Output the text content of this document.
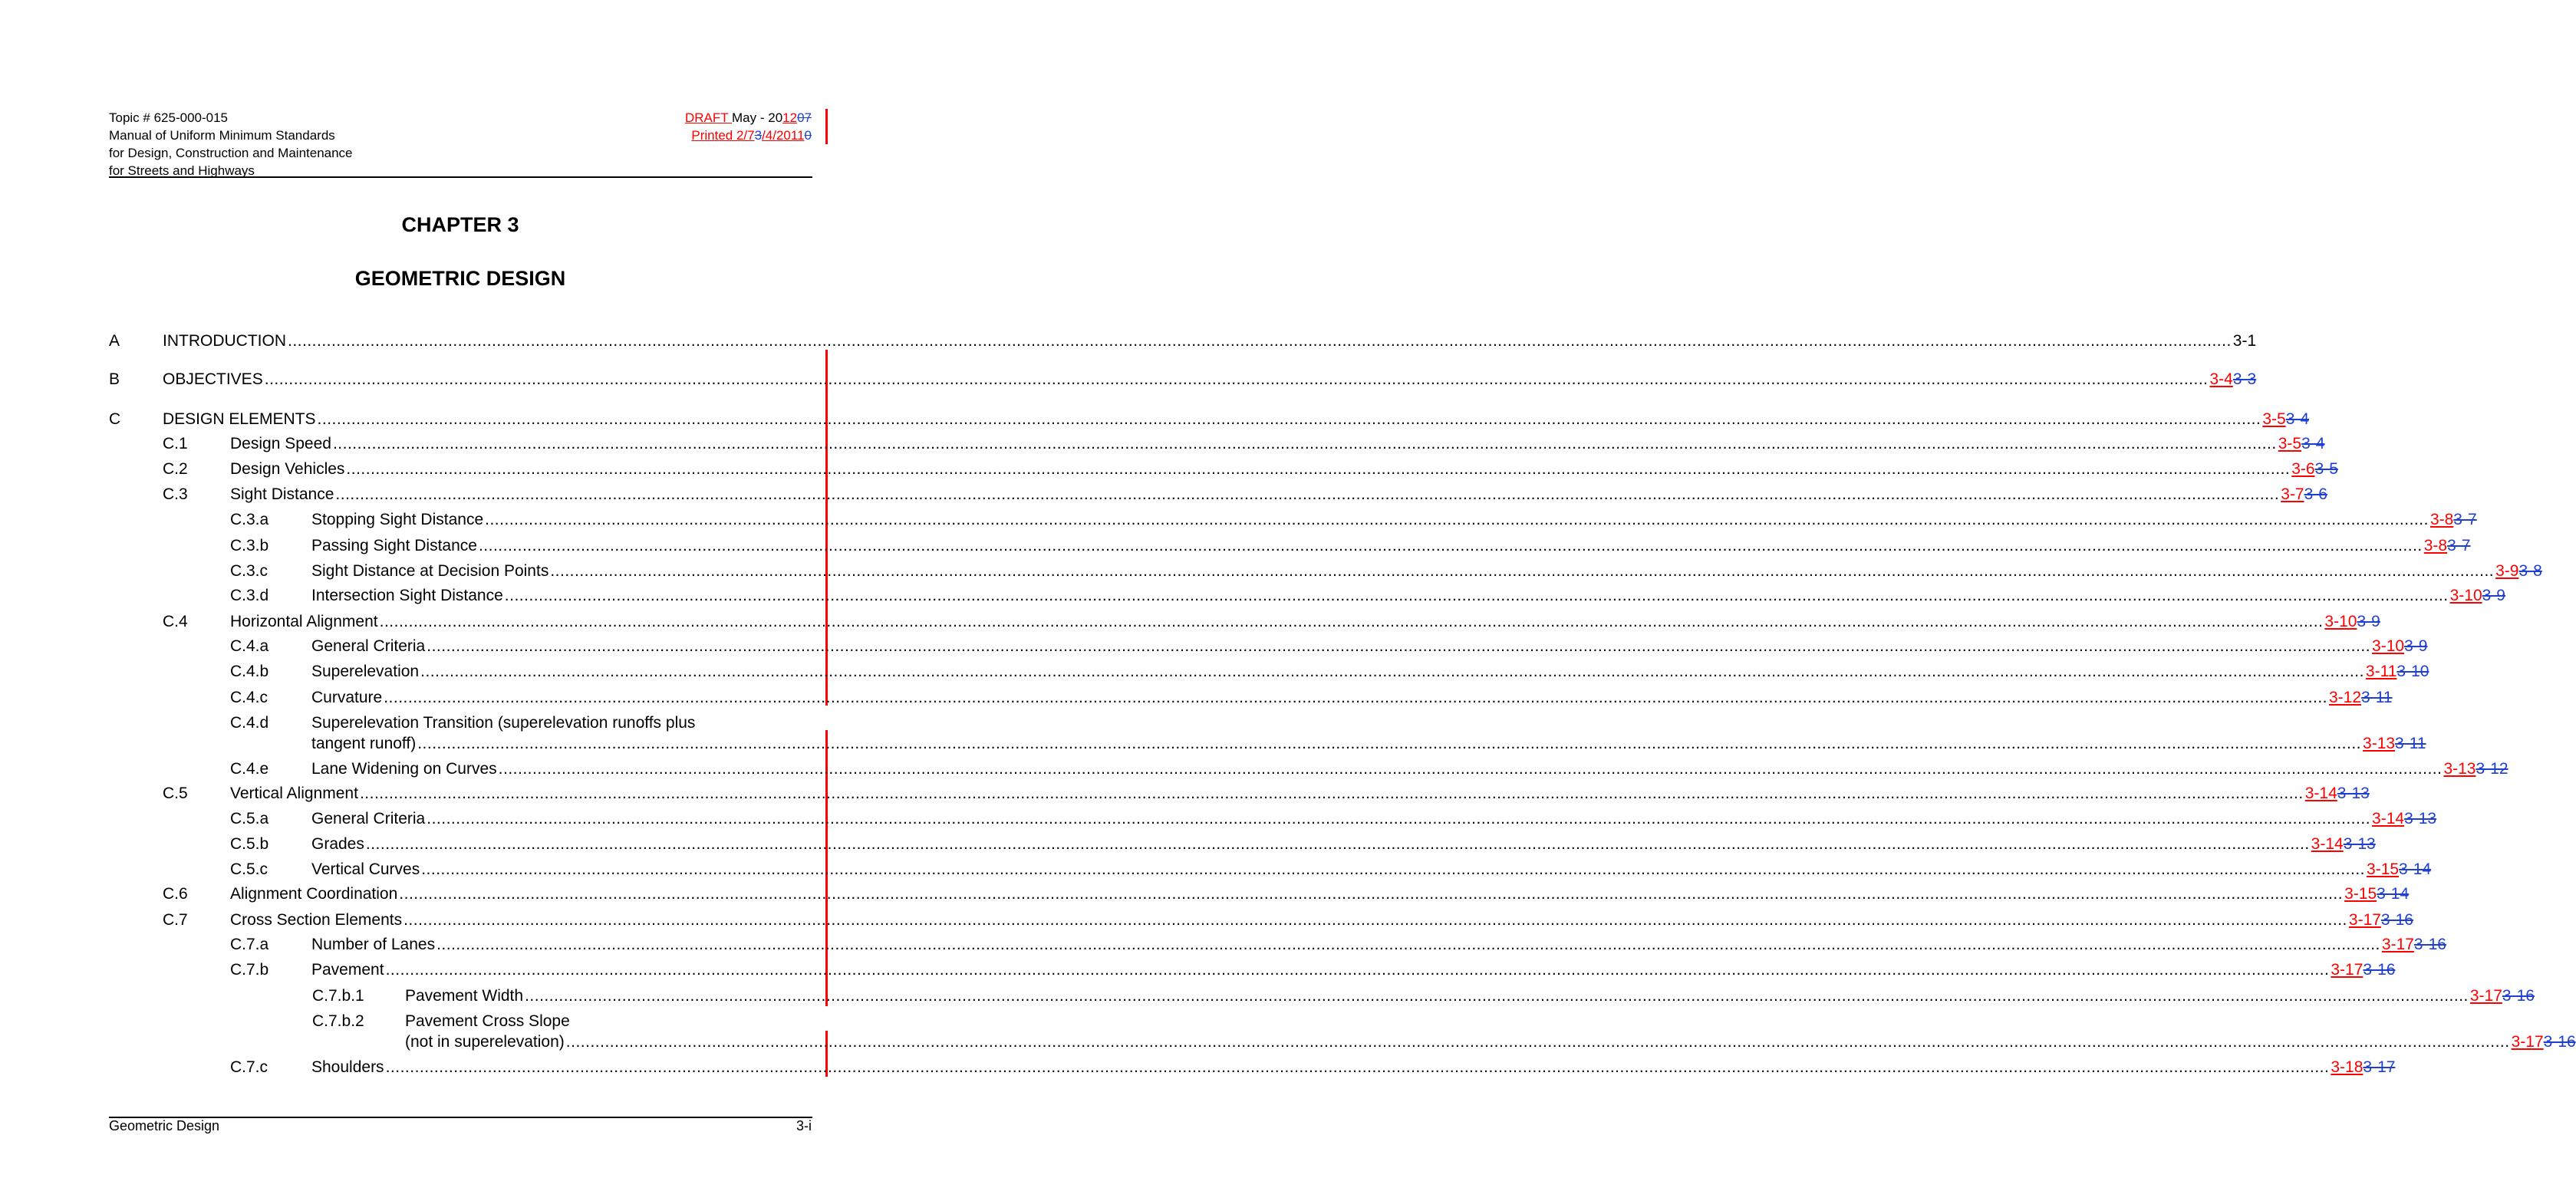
Topic # 625-000-015
Manual of Uniform Minimum Standards
for Design, Construction and Maintenance
for Streets and Highways
DRAFT May - 201207
Printed 2/73/4/20110
CHAPTER 3
GEOMETRIC DESIGN
A	INTRODUCTION ................................................................................................................................................................................................................................................................................................................................................................................................................ 3-1
B	OBJECTIVES ................................................................................................................................................................................................................................................................................................................................................................................................................ 3-43-3
C	DESIGN ELEMENTS ................................................................................................................................................................................................................................................................................................................................................................................................................ 3-53-4
C.1	Design Speed ................................................................................................................................................................................................................................................................................................................................................................................................................ 3-53-4
C.2	Design Vehicles ................................................................................................................................................................................................................................................................................................................................................................................................................ 3-63-5
C.3	Sight Distance ................................................................................................................................................................................................................................................................................................................................................................................................................ 3-73-6
C.3.a	Stopping Sight Distance ................................................................................................................................................................................................................................................................................................................................................................................................................ 3-83-7
C.3.b	Passing Sight Distance ................................................................................................................................................................................................................................................................................................................................................................................................................ 3-83-7
C.3.c	Sight Distance at Decision Points ................................................................................................................................................................................................................................................................................................................................................................................................................ 3-93-8
C.3.d	Intersection Sight Distance ................................................................................................................................................................................................................................................................................................................................................................................................................ 3-103-9
C.4	Horizontal Alignment ................................................................................................................................................................................................................................................................................................................................................................................................................ 3-103-9
C.4.a	General Criteria ................................................................................................................................................................................................................................................................................................................................................................................................................ 3-103-9
C.4.b	Superelevation ................................................................................................................................................................................................................................................................................................................................................................................................................ 3-113-10
C.4.c	Curvature ................................................................................................................................................................................................................................................................................................................................................................................................................ 3-123-11
C.4.d	Superelevation Transition (superelevation runoffs plus
tangent runoff) ................................................................................................................................................................................................................................................................................................................................................................................................................ 3-133-11
C.4.e	Lane Widening on Curves ................................................................................................................................................................................................................................................................................................................................................................................................................ 3-133-12
C.5	Vertical Alignment ................................................................................................................................................................................................................................................................................................................................................................................................................ 3-143-13
C.5.a	General Criteria ................................................................................................................................................................................................................................................................................................................................................................................................................ 3-143-13
C.5.b	Grades ................................................................................................................................................................................................................................................................................................................................................................................................................ 3-143-13
C.5.c	Vertical Curves ................................................................................................................................................................................................................................................................................................................................................................................................................ 3-153-14
C.6	Alignment Coordination ................................................................................................................................................................................................................................................................................................................................................................................................................ 3-153-14
C.7	Cross Section Elements ................................................................................................................................................................................................................................................................................................................................................................................................................ 3-173-16
C.7.a	Number of Lanes ................................................................................................................................................................................................................................................................................................................................................................................................................ 3-173-16
C.7.b	Pavement ................................................................................................................................................................................................................................................................................................................................................................................................................ 3-173-16
C.7.b.1	Pavement Width ................................................................................................................................................................................................................................................................................................................................................................................................................ 3-173-16
C.7.b.2	Pavement Cross Slope
(not in superelevation) ................................................................................................................................................................................................................................................................................................................................................................................................................ 3-173-16
C.7.c	Shoulders ................................................................................................................................................................................................................................................................................................................................................................................................................ 3-183-17
Geometric Design	3-i
